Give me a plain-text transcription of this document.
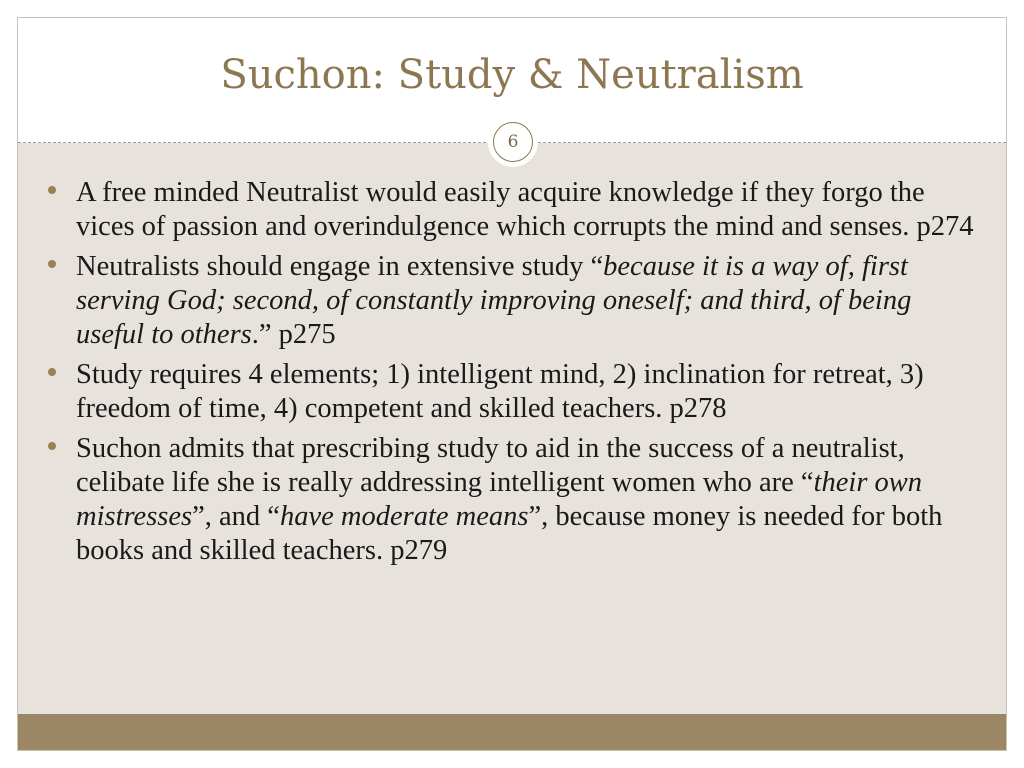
Suchon: Study & Neutralism
6
A free minded Neutralist would easily acquire knowledge if they forgo the vices of passion and overindulgence which corrupts the mind and senses. p274
Neutralists should engage in extensive study “because it is a way of, first serving God; second, of constantly improving oneself; and third, of being useful to others.” p275
Study requires 4 elements; 1) intelligent mind, 2) inclination for retreat, 3) freedom of time, 4) competent and skilled teachers. p278
Suchon admits that prescribing study to aid in the success of a neutralist, celibate life she is really addressing intelligent women who are “their own mistresses”, and “have moderate means”, because money is needed for both books and skilled teachers. p279
